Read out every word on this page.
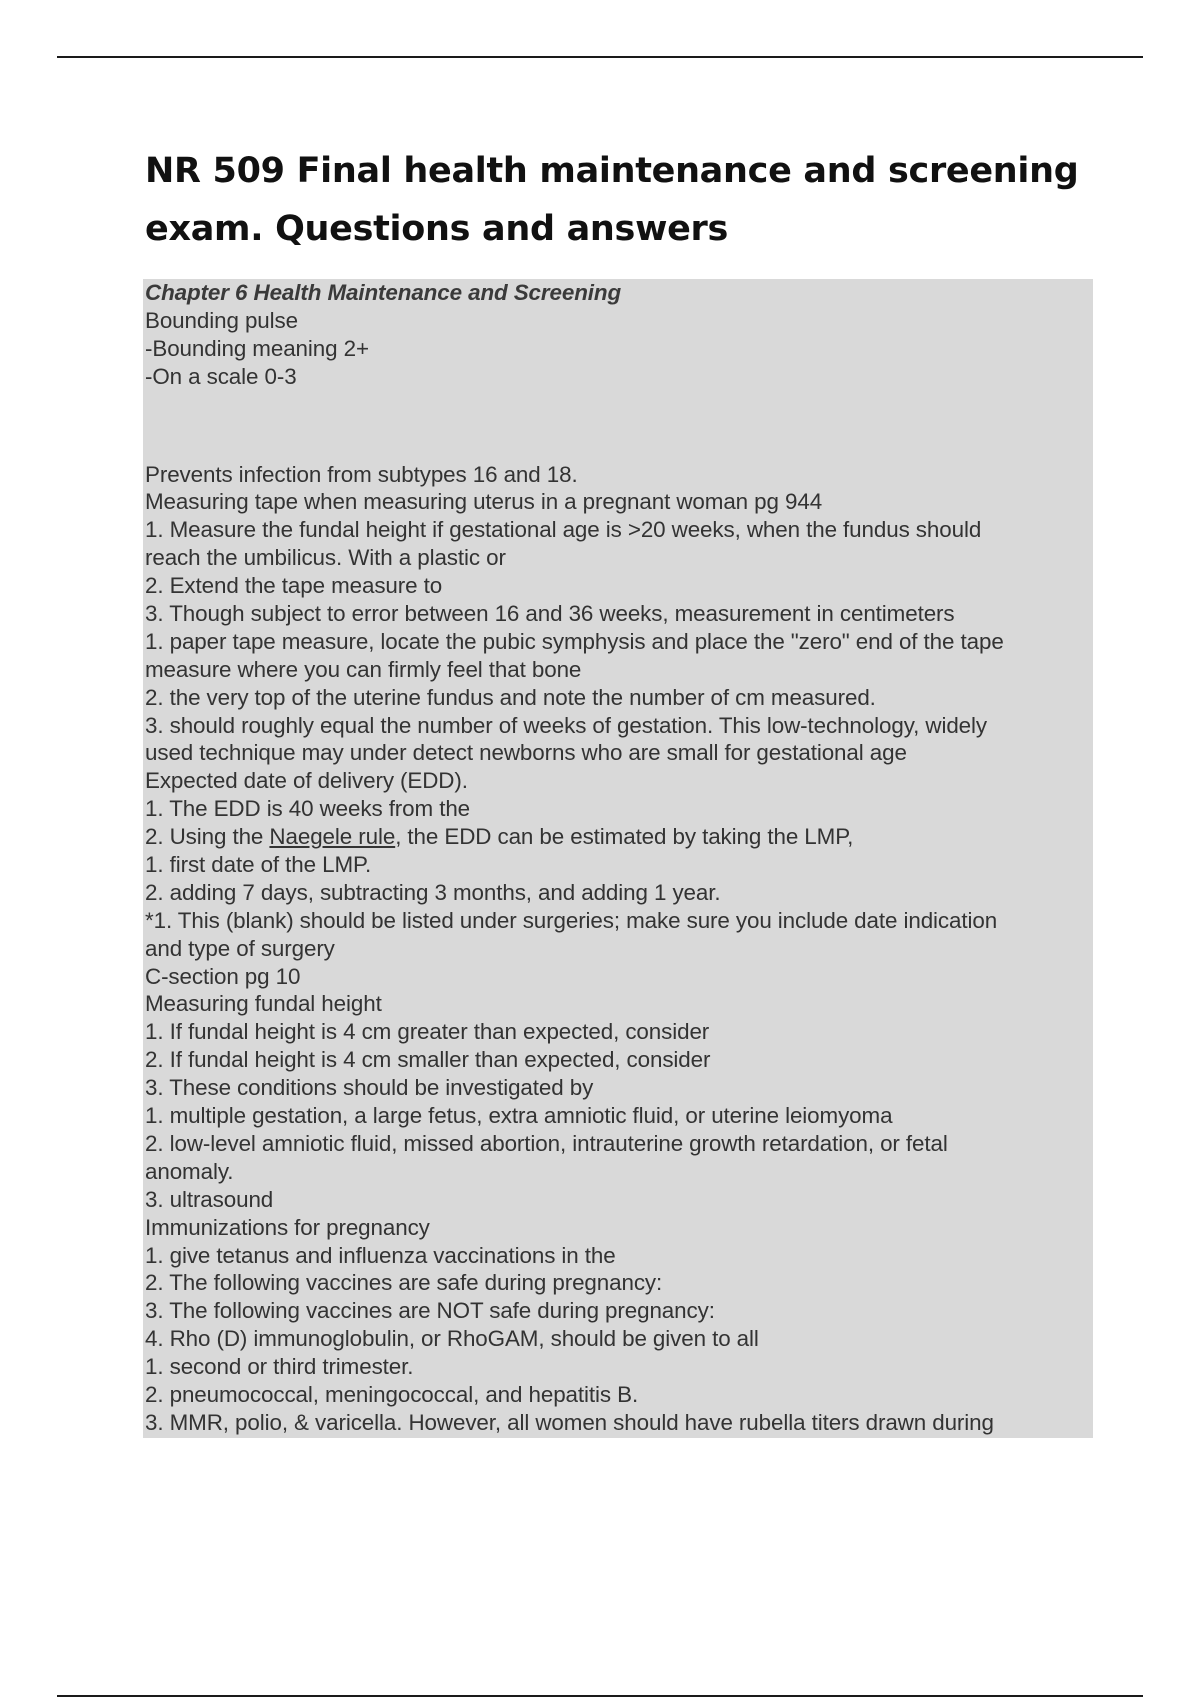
NR 509 Final health maintenance and screening exam. Questions and answers
Chapter 6 Health Maintenance and Screening
Bounding pulse
-Bounding meaning 2+
-On a scale 0-3
Prevents infection from subtypes 16 and 18.
Measuring tape when measuring uterus in a pregnant woman pg 944
1. Measure the fundal height if gestational age is >20 weeks, when the fundus should
reach the umbilicus. With a plastic or
2. Extend the tape measure to
3. Though subject to error between 16 and 36 weeks, measurement in centimeters
1. paper tape measure, locate the pubic symphysis and place the "zero" end of the tape
measure where you can firmly feel that bone
2. the very top of the uterine fundus and note the number of cm measured.
3. should roughly equal the number of weeks of gestation. This low-technology, widely
used technique may under detect newborns who are small for gestational age
Expected date of delivery (EDD).
1. The EDD is 40 weeks from the
2. Using the Naegele rule, the EDD can be estimated by taking the LMP,
1. first date of the LMP.
2. adding 7 days, subtracting 3 months, and adding 1 year.
*1. This (blank) should be listed under surgeries; make sure you include date indication
and type of surgery
C-section pg 10
Measuring fundal height
1. If fundal height is 4 cm greater than expected, consider
2. If fundal height is 4 cm smaller than expected, consider
3. These conditions should be investigated by
1. multiple gestation, a large fetus, extra amniotic fluid, or uterine leiomyoma
2. low-level amniotic fluid, missed abortion, intrauterine growth retardation, or fetal
anomaly.
3. ultrasound
Immunizations for pregnancy
1. give tetanus and influenza vaccinations in the
2. The following vaccines are safe during pregnancy:
3. The following vaccines are NOT safe during pregnancy:
4. Rho (D) immunoglobulin, or RhoGAM, should be given to all
1. second or third trimester.
2. pneumococcal, meningococcal, and hepatitis B.
3. MMR, polio, & varicella. However, all women should have rubella titers drawn during
